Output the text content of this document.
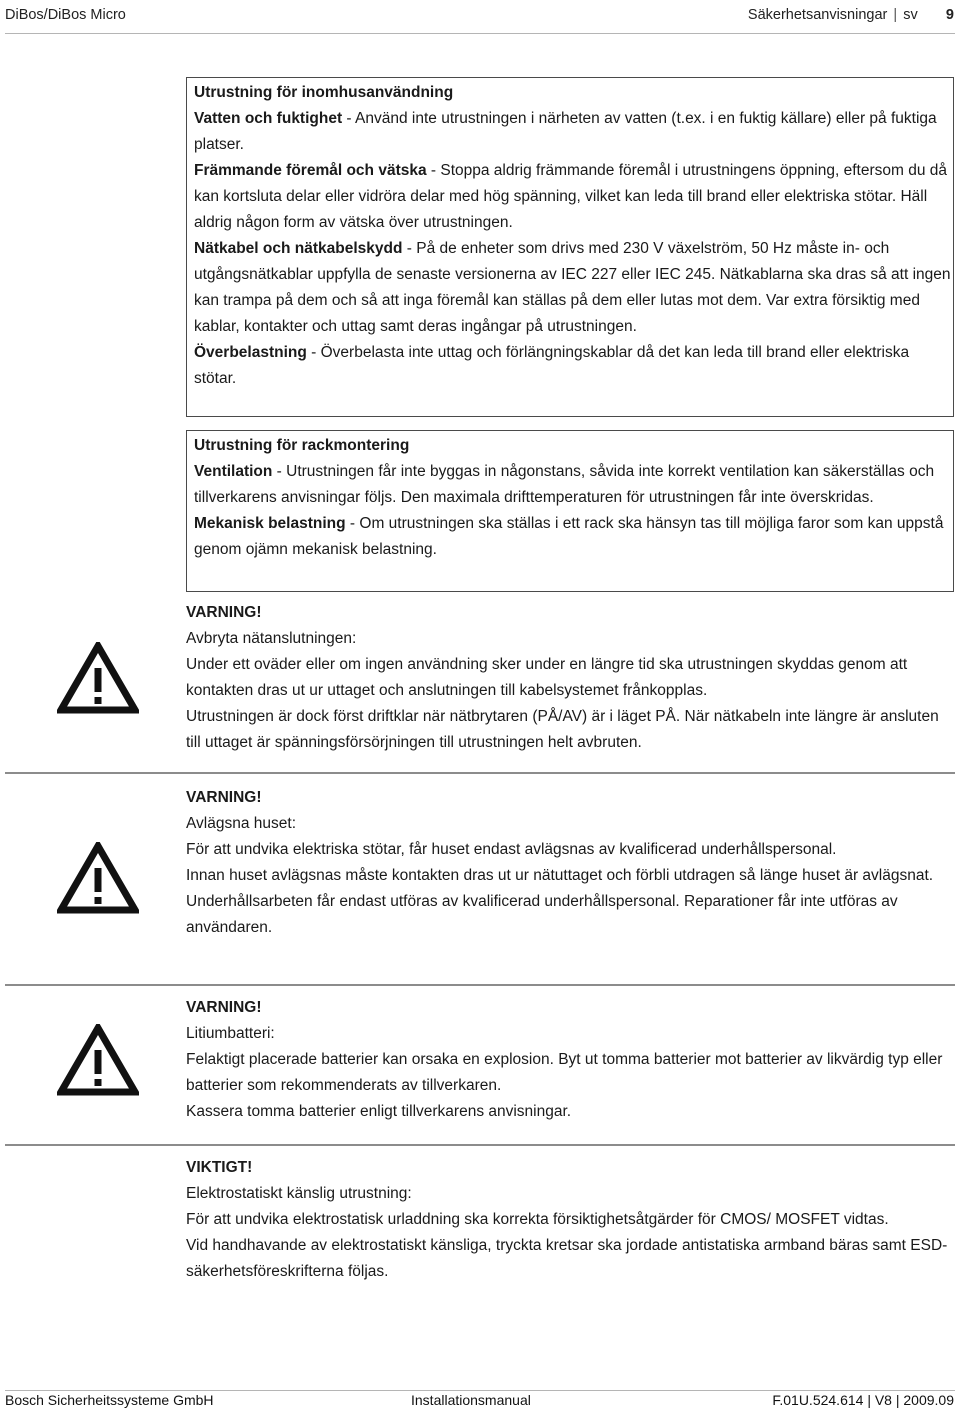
DiBos/DiBos Micro	Säkerhetsanvisningar | sv 9
Utrustning för inomhusanvändning

Vatten och fuktighet - Använd inte utrustningen i närheten av vatten (t.ex. i en fuktig källare) eller på fuktiga platser.

Främmande föremål och vätska - Stoppa aldrig främmande föremål i utrustningens öppning, eftersom du då kan kortsluta delar eller vidröra delar med hög spänning, vilket kan leda till brand eller elektriska stötar. Häll aldrig någon form av vätska över utrustningen.

Nätkabel och nätkabelskydd - På de enheter som drivs med 230 V växelström, 50 Hz måste in- och utgångsnätkablar uppfylla de senaste versionerna av IEC 227 eller IEC 245. Nätkablarna ska dras så att ingen kan trampa på dem och så att inga föremål kan ställas på dem eller lutas mot dem. Var extra försiktig med kablar, kontakter och uttag samt deras ingångar på utrustningen.

Överbelastning - Överbelasta inte uttag och förlängningskablar då det kan leda till brand eller elektriska stötar.

Utrustning för rackmontering

Ventilation - Utrustningen får inte byggas in någonstans, såvida inte korrekt ventilation kan säkerställas och tillverkarens anvisningar följs. Den maximala drifttemperaturen för utrustningen får inte överskridas.

Mekanisk belastning - Om utrustningen ska ställas i ett rack ska hänsyn tas till möjliga faror som kan uppstå genom ojämn mekanisk belastning.

VARNING!

Avbryta nätanslutningen:

Under ett oväder eller om ingen användning sker under en längre tid ska utrustningen skyddas genom att kontakten dras ut ur uttaget och anslutningen till kabelsystemet frånkopplas.

Utrustningen är dock först driftklar när nätbrytaren (PÅ/AV) är i läget PÅ. När nätkabeln inte längre är ansluten till uttaget är spänningsförsörjningen till utrustningen helt avbruten.

VARNING!

Avlägsna huset:

För att undvika elektriska stötar, får huset endast avlägsnas av kvalificerad underhållspersonal.

Innan huset avlägsnas måste kontakten dras ut ur nätuttaget och förbli utdragen så länge huset är avlägsnat. Underhållsarbeten får endast utföras av kvalificerad underhållspersonal. Reparationer får inte utföras av användaren.

VARNING!

Litiumbatteri:

Felaktigt placerade batterier kan orsaka en explosion. Byt ut tomma batterier mot batterier av likvärdig typ eller batterier som rekommenderats av tillverkaren.

Kassera tomma batterier enligt tillverkarens anvisningar.

VIKTIGT!

Elektrostatiskt känslig utrustning:

För att undvika elektrostatisk urladdning ska korrekta försiktighetsåtgärder för CMOS/ MOSFET vidtas.

Vid handhavande av elektrostatiskt känsliga, tryckta kretsar ska jordade antistatiska armband bäras samt ESD-säkerhetsföreskrifterna följas.

Bosch Sicherheitssysteme GmbH	Installationsmanual	F.01U.524.614 | V8 | 2009.09
